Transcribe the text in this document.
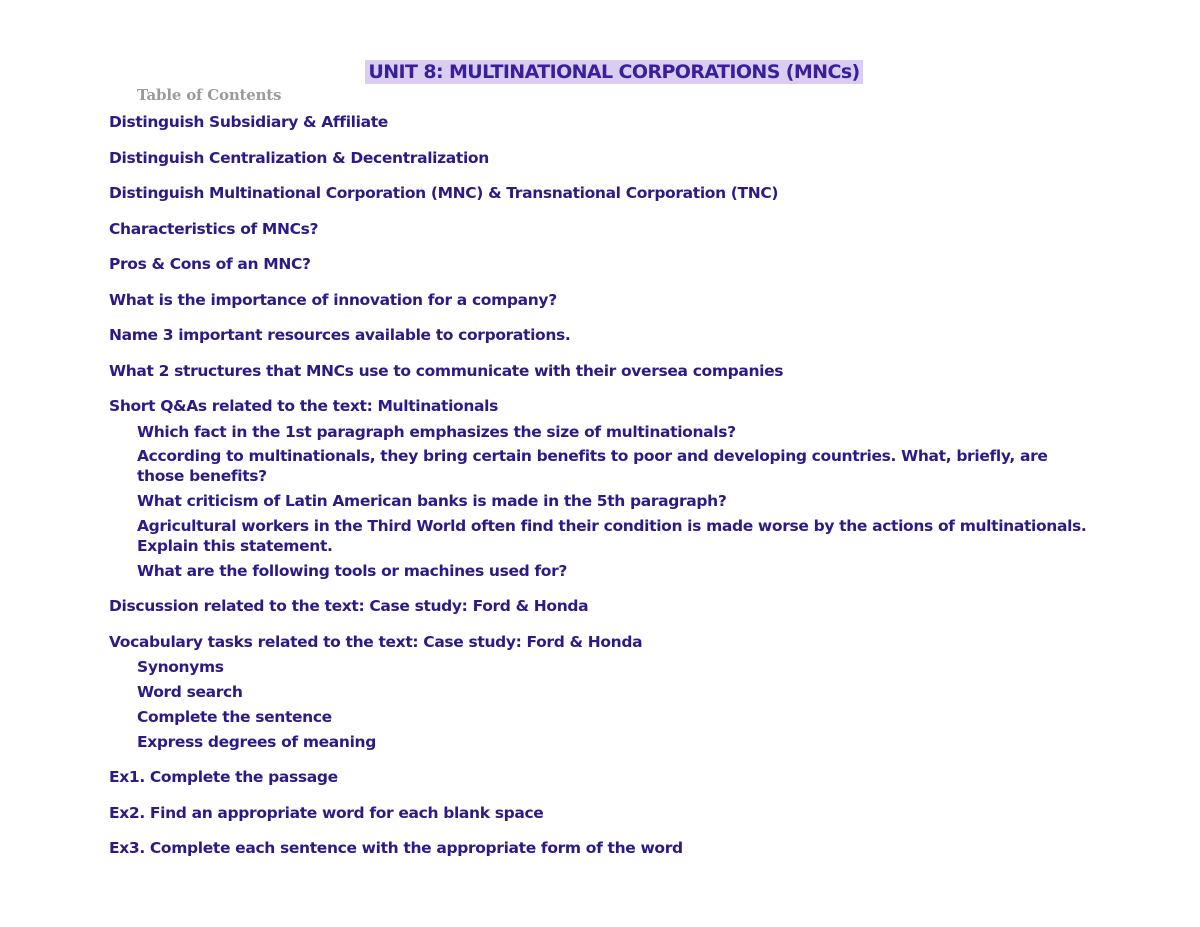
UNIT 8: MULTINATIONAL CORPORATIONS (MNCs)
Table of Contents
Distinguish Subsidiary & Affiliate
Distinguish Centralization & Decentralization
Distinguish Multinational Corporation (MNC) & Transnational Corporation (TNC)
Characteristics of MNCs?
Pros & Cons of an MNC?
What is the importance of innovation for a company?
Name 3 important resources available to corporations.
What 2 structures that MNCs use to communicate with their oversea companies
Short Q&As related to the text: Multinationals
Which fact in the 1st paragraph emphasizes the size of multinationals?
According to multinationals, they bring certain benefits to poor and developing countries. What, briefly, are those benefits?
What criticism of Latin American banks is made in the 5th paragraph?
Agricultural workers in the Third World often find their condition is made worse by the actions of multinationals. Explain this statement.
What are the following tools or machines used for?
Discussion related to the text: Case study: Ford & Honda
Vocabulary tasks related to the text: Case study: Ford & Honda
Synonyms
Word search
Complete the sentence
Express degrees of meaning
Ex1. Complete the passage
Ex2. Find an appropriate word for each blank space
Ex3. Complete each sentence with the appropriate form of the word
